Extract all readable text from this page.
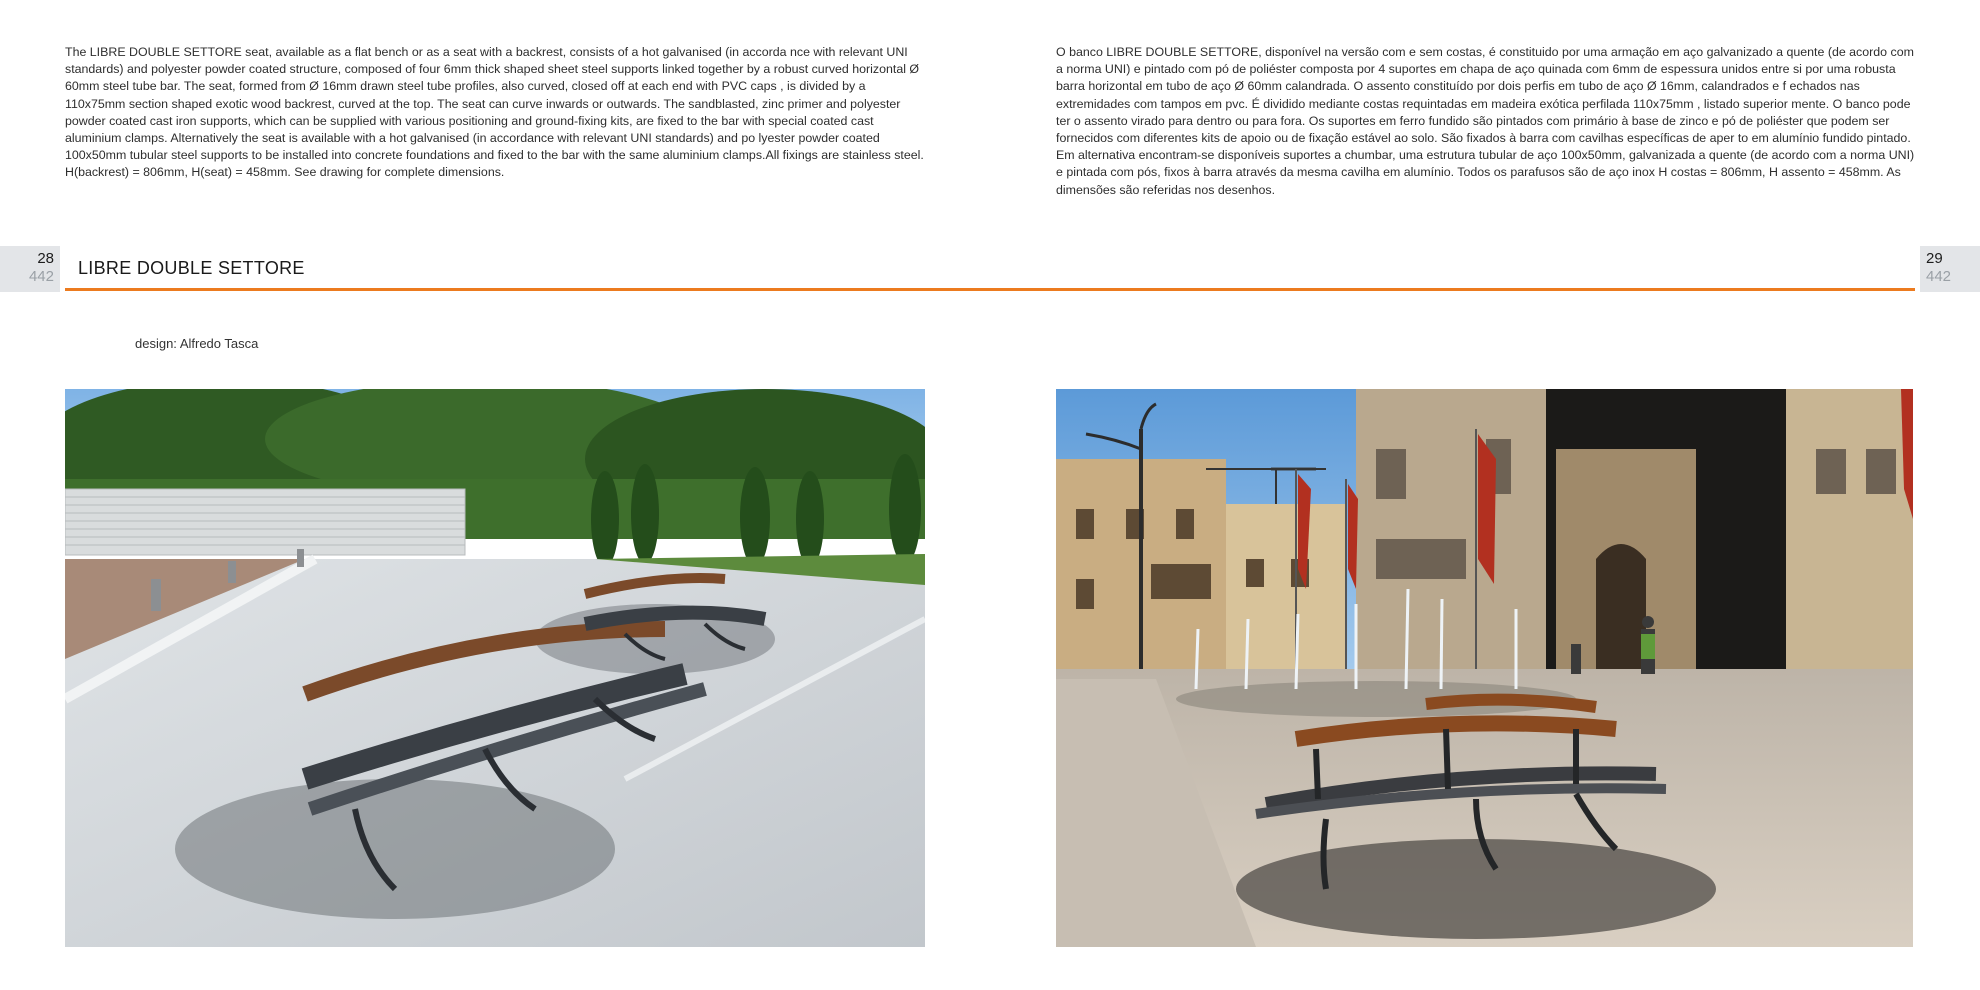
The LIBRE DOUBLE SETTORE seat, available as a flat bench or as a seat with a backrest, consists of a hot galvanised (in accorda nce with relevant UNI standards) and polyester powder coated structure, composed of four 6mm thick shaped sheet steel supports linked together by a robust curved horizontal Ø 60mm steel tube bar. The seat, formed from Ø 16mm drawn steel tube profiles, also curved, closed off at each end with PVC caps , is divided by a 110x75mm section shaped exotic wood backrest, curved at the top. The seat can curve inwards or outwards. The sandblasted, zinc primer and polyester powder coated cast iron supports, which can be supplied with various positioning and ground-fixing kits, are fixed to the bar with special coated cast aluminium clamps. Alternatively the seat is available with a hot galvanised (in accordance with relevant UNI standards) and po lyester powder coated 100x50mm tubular steel supports to be installed into concrete foundations and fixed to the bar with the same aluminium clamps.All fixings are stainless steel. H(backrest) = 806mm, H(seat) = 458mm. See drawing for complete dimensions.

O banco LIBRE DOUBLE SETTORE, disponível na versão com e sem costas, é constituido por uma armação em aço galvanizado a quente (de acordo com a norma UNI) e pintado com pó de poliéster composta por 4 suportes em chapa de aço quinada com 6mm de espessura unidos entre si por uma robusta barra horizontal em tubo de aço Ø 60mm calandrada. O assento constituído por dois perfis em tubo de aço Ø 16mm, calandrados e f echados nas extremidades com tampos em pvc. É dividido mediante costas requintadas em madeira exótica perfilada 110x75mm , listado superior mente. O banco pode ter o assento virado para dentro ou para fora. Os suportes em ferro fundido são pintados com primário à base de zinco e pó de poliéster que podem ser fornecidos com diferentes kits de apoio ou de fixação estável ao solo. São fixados à barra com cavilhas específicas de aper to em alumínio fundido pintado. Em alternativa encontram-se disponíveis suportes a chumbar, uma estrutura tubular de aço 100x50mm, galvanizada a quente (de acordo com a norma UNI) e pintada com pós, fixos à barra através da mesma cavilha em alumínio. Todos os parafusos são de aço inox H costas = 806mm, H assento = 458mm. As dimensões são referidas nos desenhos.

28
442
29
442
LIBRE DOUBLE SETTORE
design: Alfredo Tasca
